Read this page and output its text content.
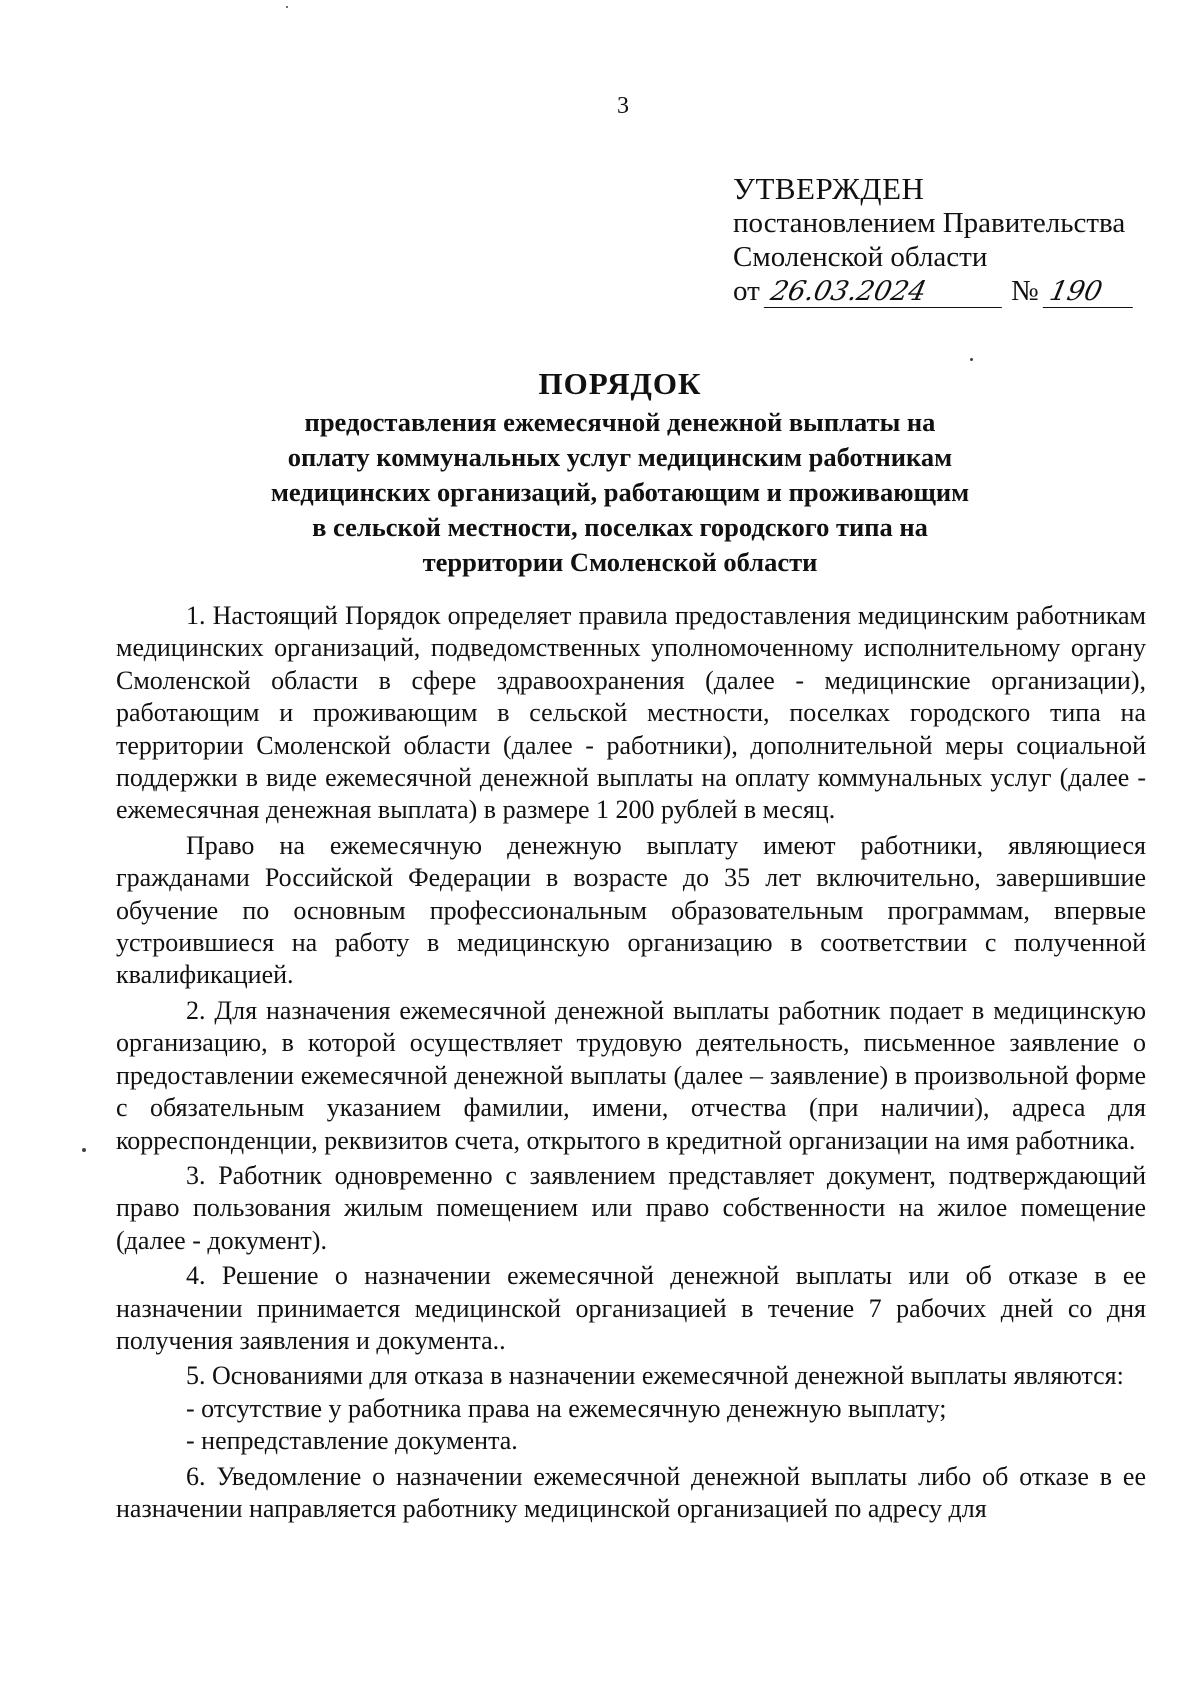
3
УТВЕРЖДЕН
постановлением Правительства
Смоленской области
от 26.03.2024	№ 190
ПОРЯДОК
предоставления ежемесячной денежной выплаты на
оплату коммунальных услуг медицинским работникам
медицинских организаций, работающим и проживающим
в сельской местности, поселках городского типа на
территории Смоленской области

1. Настоящий Порядок определяет правила предоставления медицинским работникам медицинских организаций, подведомственных уполномоченному исполнительному органу Смоленской области в сфере здравоохранения (далее - медицинские организации), работающим и проживающим в сельской местности, поселках городского типа на территории Смоленской области (далее - работники), дополнительной меры социальной поддержки в виде ежемесячной денежной выплаты на оплату коммунальных услуг (далее - ежемесячная денежная выплата) в размере 1 200 рублей в месяц.

Право на ежемесячную денежную выплату имеют работники, являющиеся гражданами Российской Федерации в возрасте до 35 лет включительно, завершившие обучение по основным профессиональным образовательным программам, впервые устроившиеся на работу в медицинскую организацию в соответствии с полученной квалификацией.

2. Для назначения ежемесячной денежной выплаты работник подает в медицинскую организацию, в которой осуществляет трудовую деятельность, письменное заявление о предоставлении ежемесячной денежной выплаты (далее – заявление) в произвольной форме с обязательным указанием фамилии, имени, отчества (при наличии), адреса для корреспонденции, реквизитов счета, открытого в кредитной организации на имя работника.

3. Работник одновременно с заявлением представляет документ, подтверждающий право пользования жилым помещением или право собственности на жилое помещение (далее - документ).

4. Решение о назначении ежемесячной денежной выплаты или об отказе в ее назначении принимается медицинской организацией в течение 7 рабочих дней со дня получения заявления и документа..

5. Основаниями для отказа в назначении ежемесячной денежной выплаты являются:

- отсутствие у работника права на ежемесячную денежную выплату;

- непредставление документа.

6. Уведомление о назначении ежемесячной денежной выплаты либо об отказе в ее назначении направляется работнику медицинской организацией по адресу для
